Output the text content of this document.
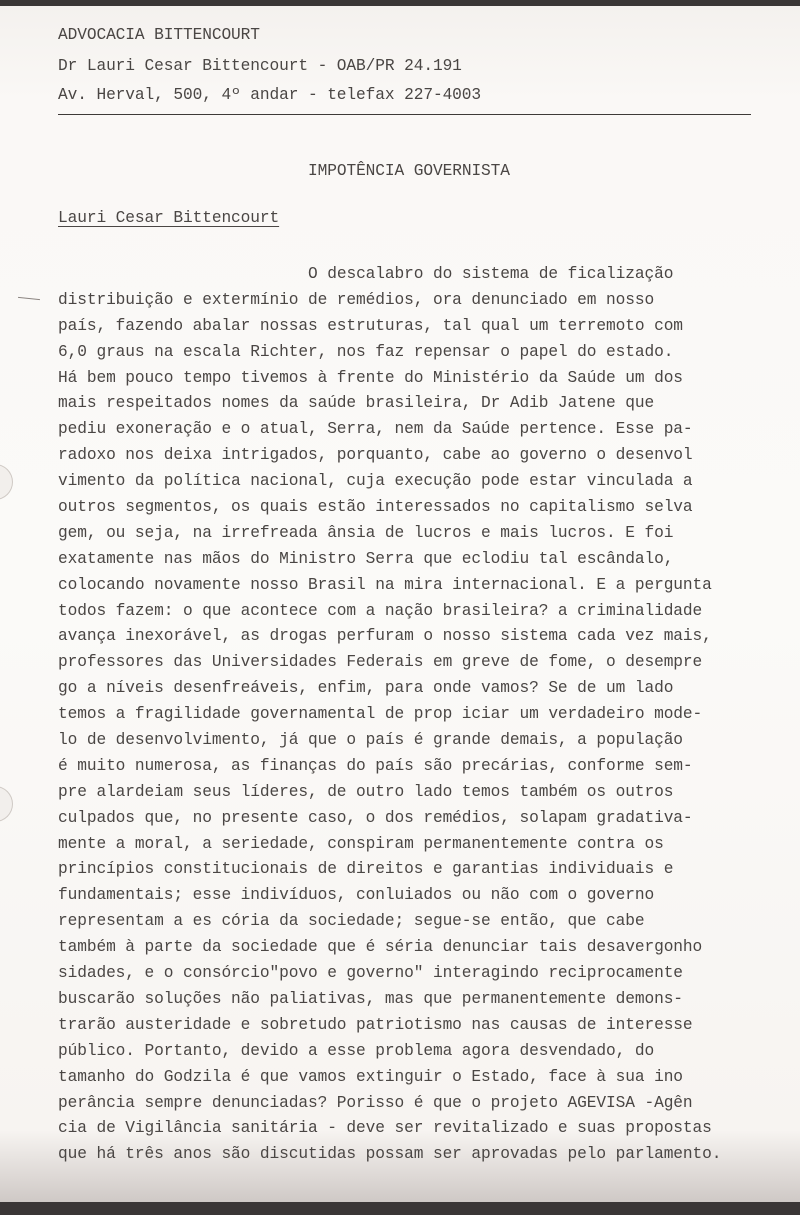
ADVOCACIA BITTENCOURT
Dr Lauri Cesar Bittencourt - OAB/PR 24.191
Av. Herval, 500, 4º andar - telefax 227-4003
IMPOTÊNCIA GOVERNISTA
Lauri Cesar Bittencourt
O descalabro do sistema de ficalização
distribuição e extermínio de remédios, ora denunciado em nosso
país, fazendo abalar nossas estruturas, tal qual um terremoto com
6,0 graus na escala Richter, nos faz repensar o papel do estado.
Há bem pouco tempo tivemos à frente do Ministério da Saúde um dos
mais respeitados nomes da saúde brasileira, Dr Adib Jatene que
pediu exoneração e o atual, Serra, nem da Saúde pertence. Esse pa-
radoxo nos deixa intrigados, porquanto, cabe ao governo o desenvol
vimento da política nacional, cuja execução pode estar vinculada a
outros segmentos, os quais estão interessados no capitalismo selva
gem, ou seja, na irrefreada ânsia de lucros e mais lucros. E foi
exatamente nas mãos do Ministro Serra que eclodiu tal escândalo,
colocando novamente nosso Brasil na mira internacional. E a pergunta
todos fazem: o que acontece com a nação brasileira? a criminalidade
avança inexorável, as drogas perfuram o nosso sistema cada vez mais,
professores das Universidades Federais em greve de fome, o desempre
go a níveis desenfreáveis, enfim, para onde vamos? Se de um lado
temos a fragilidade governamental de prop iciar um verdadeiro mode-
lo de desenvolvimento, já que o país é grande demais, a população
é muito numerosa, as finanças do país são precárias, conforme sem-
pre alardeiam seus líderes, de outro lado temos também os outros
culpados que, no presente caso, o dos remédios, solapam gradativa-
mente a moral, a seriedade, conspiram permanentemente contra os
princípios constitucionais de direitos e garantias individuais e
fundamentais; esse indivíduos, conluiados ou não com o governo
representam a es cória da sociedade; segue-se então, que cabe
também à parte da sociedade que é séria denunciar tais desavergonho
sidades, e o consórcio"povo e governo" interagindo reciprocamente
buscarão soluções não paliativas, mas que permanentemente demons-
trarão austeridade e sobretudo patriotismo nas causas de interesse
público. Portanto, devido a esse problema agora desvendado, do
tamanho do Godzila é que vamos extinguir o Estado, face à sua ino
perância sempre denunciadas? Porisso é que o projeto AGEVISA -Agên
cia de Vigilância sanitária - deve ser revitalizado e suas propostas
que há três anos são discutidas possam ser aprovadas pelo parlamento.
